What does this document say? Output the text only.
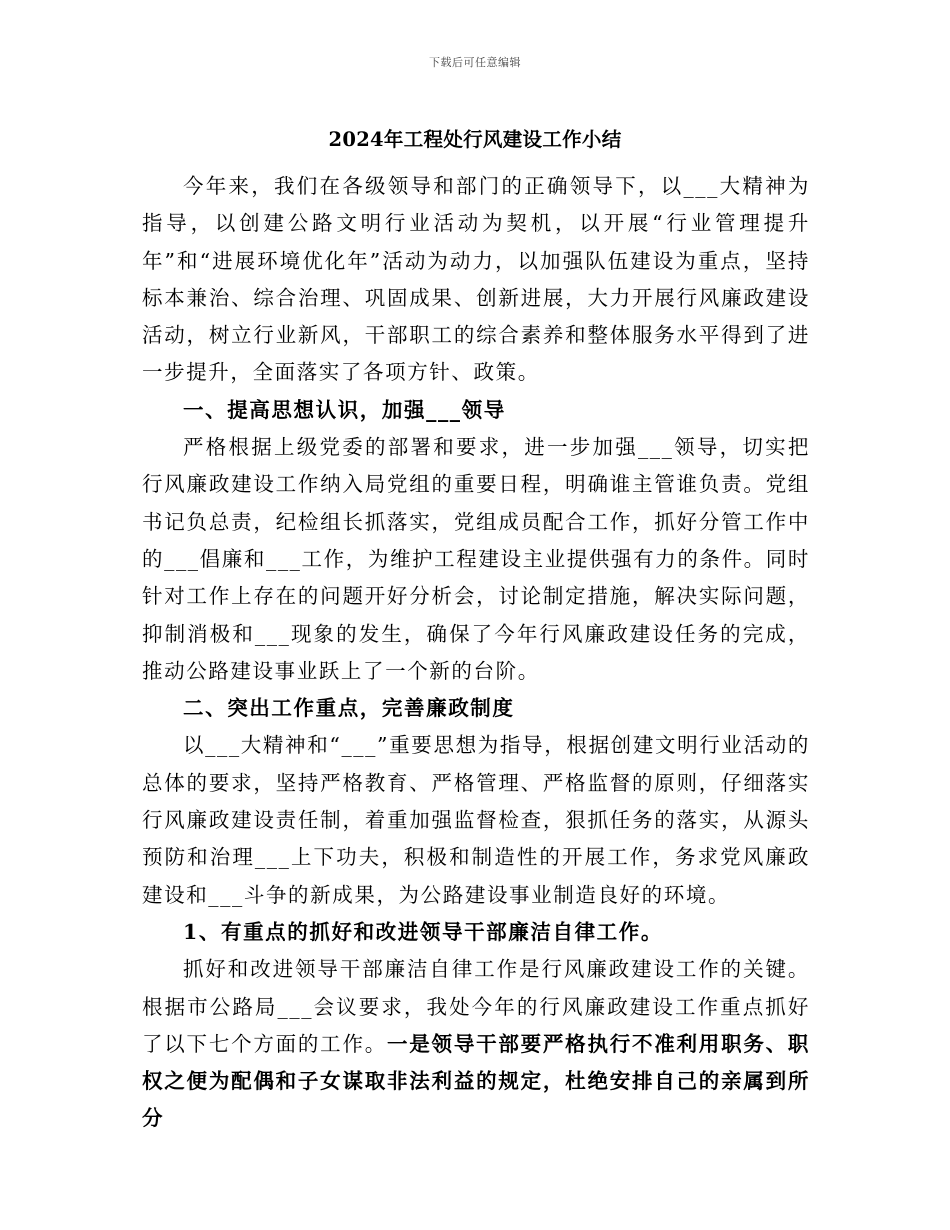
下载后可任意编辑
2024年工程处行风建设工作小结

今年来，我们在各级领导和部门的正确领导下，以___大精神为指导，以创建公路文明行业活动为契机，以开展“行业管理提升年”和“进展环境优化年”活动为动力，以加强队伍建设为重点，坚持标本兼治、综合治理、巩固成果、创新进展，大力开展行风廉政建设活动，树立行业新风，干部职工的综合素养和整体服务水平得到了进一步提升，全面落实了各项方针、政策。

一、提高思想认识，加强___领导

严格根据上级党委的部署和要求，进一步加强___领导，切实把行风廉政建设工作纳入局党组的重要日程，明确谁主管谁负责。党组书记负总责，纪检组长抓落实，党组成员配合工作，抓好分管工作中的___倡廉和___工作，为维护工程建设主业提供强有力的条件。同时针对工作上存在的问题开好分析会，讨论制定措施，解决实际问题，抑制消极和___现象的发生，确保了今年行风廉政建设任务的完成，推动公路建设事业跃上了一个新的台阶。

二、突出工作重点，完善廉政制度

以___大精神和“___”重要思想为指导，根据创建文明行业活动的总体的要求，坚持严格教育、严格管理、严格监督的原则，仔细落实行风廉政建设责任制，着重加强监督检查，狠抓任务的落实，从源头预防和治理___上下功夫，积极和制造性的开展工作，务求党风廉政建设和___斗争的新成果，为公路建设事业制造良好的环境。

1、有重点的抓好和改进领导干部廉洁自律工作。

抓好和改进领导干部廉洁自律工作是行风廉政建设工作的关键。根据市公路局___会议要求，我处今年的行风廉政建设工作重点抓好了以下七个方面的工作。一是领导干部要严格执行不准利用职务、职权之便为配偶和子女谋取非法利益的规定，杜绝安排自己的亲属到所分
